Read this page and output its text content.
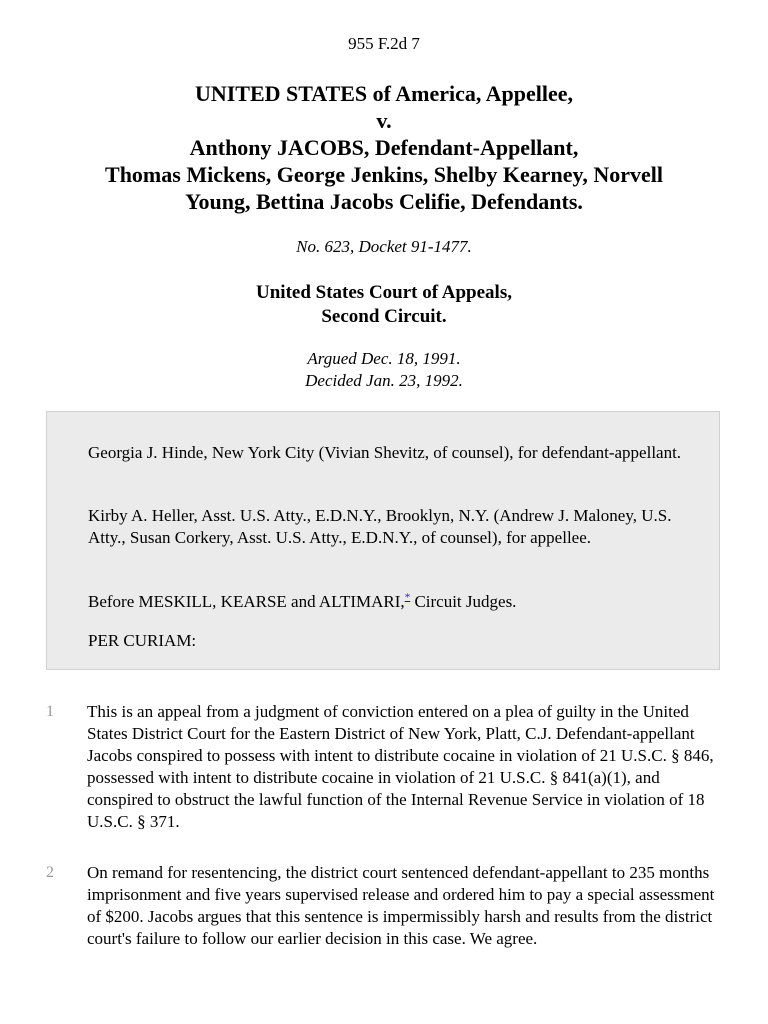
955 F.2d 7
UNITED STATES of America, Appellee,
v.
Anthony JACOBS, Defendant-Appellant,
Thomas Mickens, George Jenkins, Shelby Kearney, Norvell
Young, Bettina Jacobs Celifie, Defendants.
No. 623, Docket 91-1477.
United States Court of Appeals,
Second Circuit.
Argued Dec. 18, 1991.
Decided Jan. 23, 1992.

Georgia J. Hinde, New York City (Vivian Shevitz, of counsel), for defendant-appellant.

Kirby A. Heller, Asst. U.S. Atty., E.D.N.Y., Brooklyn, N.Y. (Andrew J. Maloney, U.S. Atty., Susan Corkery, Asst. U.S. Atty., E.D.N.Y., of counsel), for appellee.

Before MESKILL, KEARSE and ALTIMARI,* Circuit Judges.

PER CURIAM:

1 This is an appeal from a judgment of conviction entered on a plea of guilty in the United States District Court for the Eastern District of New York, Platt, C.J. Defendant-appellant Jacobs conspired to possess with intent to distribute cocaine in violation of 21 U.S.C. § 846, possessed with intent to distribute cocaine in violation of 21 U.S.C. § 841(a)(1), and conspired to obstruct the lawful function of the Internal Revenue Service in violation of 18 U.S.C. § 371.

2 On remand for resentencing, the district court sentenced defendant-appellant to 235 months imprisonment and five years supervised release and ordered him to pay a special assessment of $200. Jacobs argues that this sentence is impermissibly harsh and results from the district court's failure to follow our earlier decision in this case. We agree.
